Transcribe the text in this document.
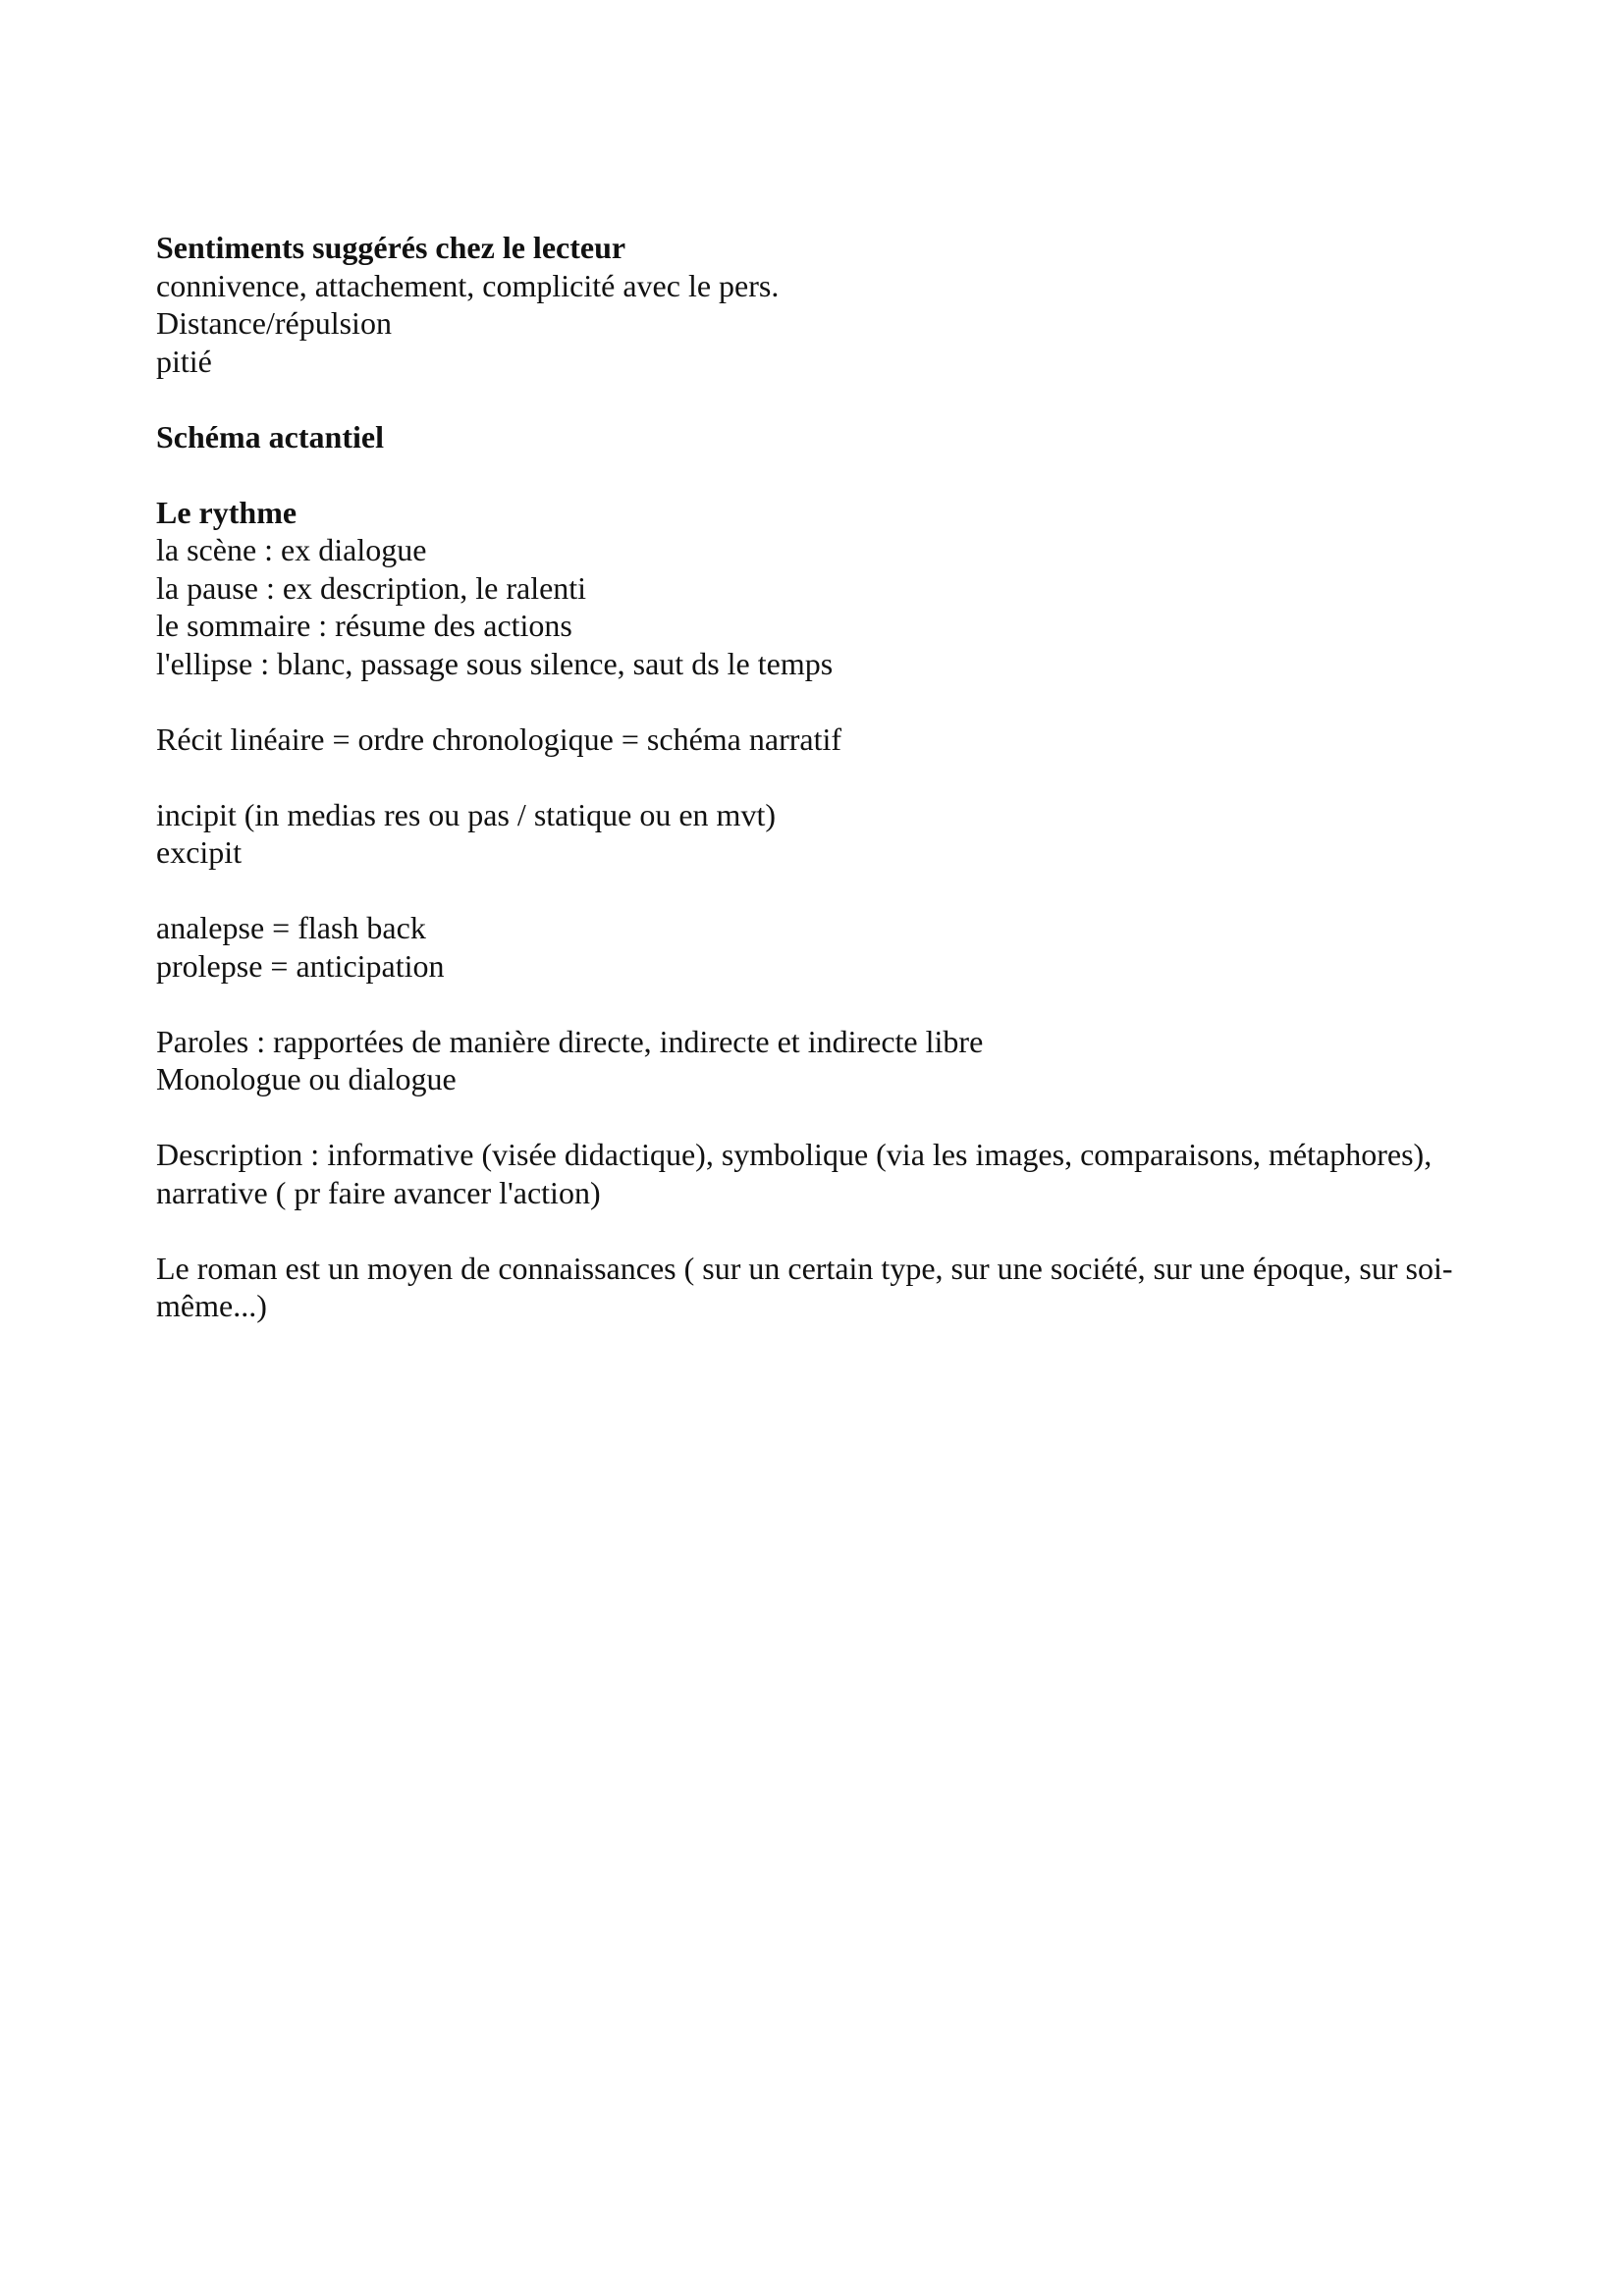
Sentiments suggérés chez le lecteur
connivence, attachement, complicité avec le pers.
Distance/répulsion
pitié
Schéma actantiel
Le rythme
la scène : ex dialogue
la pause : ex description, le ralenti
le sommaire : résume des actions
l'ellipse : blanc, passage sous silence, saut ds le temps
Récit linéaire = ordre chronologique = schéma narratif
incipit (in medias res ou pas / statique ou en mvt)
excipit
analepse = flash back
prolepse = anticipation
Paroles : rapportées de manière directe, indirecte et indirecte libre
Monologue ou dialogue
Description : informative (visée didactique), symbolique (via les images, comparaisons, métaphores), narrative ( pr faire avancer l'action)
Le roman est un moyen de connaissances ( sur un certain type, sur une société, sur une époque, sur soi-même...)
